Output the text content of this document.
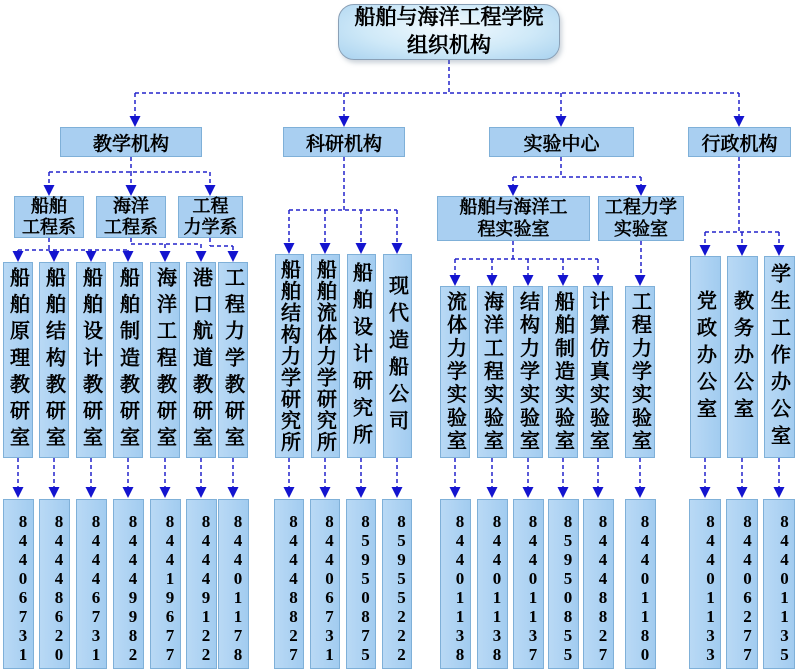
船舶与海洋工程学院
组织机构
教学机构	科研机构	实验中心	行政机构
船舶
工程系
海洋
工程系
工程
力学系
船舶与海洋工
程实验室
工程力学
实验室
船舶原理教研室
84406731
船舶结构教研室
84448620
船舶设计教研室
84446731
船舶制造教研室
84449982
海洋工程教研室
84419677
港口航道教研室
84449122
工程力学教研室
84401178
船舶结构力学研究所
84448827
船舶流体力学研究所
84406731
船舶设计研究所
85950875
现代造船公司
85955222
流体力学实验室
84401138
海洋工程实验室
84401138
结构力学实验室
84401137
船舶制造实验室
85950855
计算仿真实验室
84448827
工程力学实验室
84401180
党政办公室
84401133
教务办公室
84406277
学生工作办公室
84401135
